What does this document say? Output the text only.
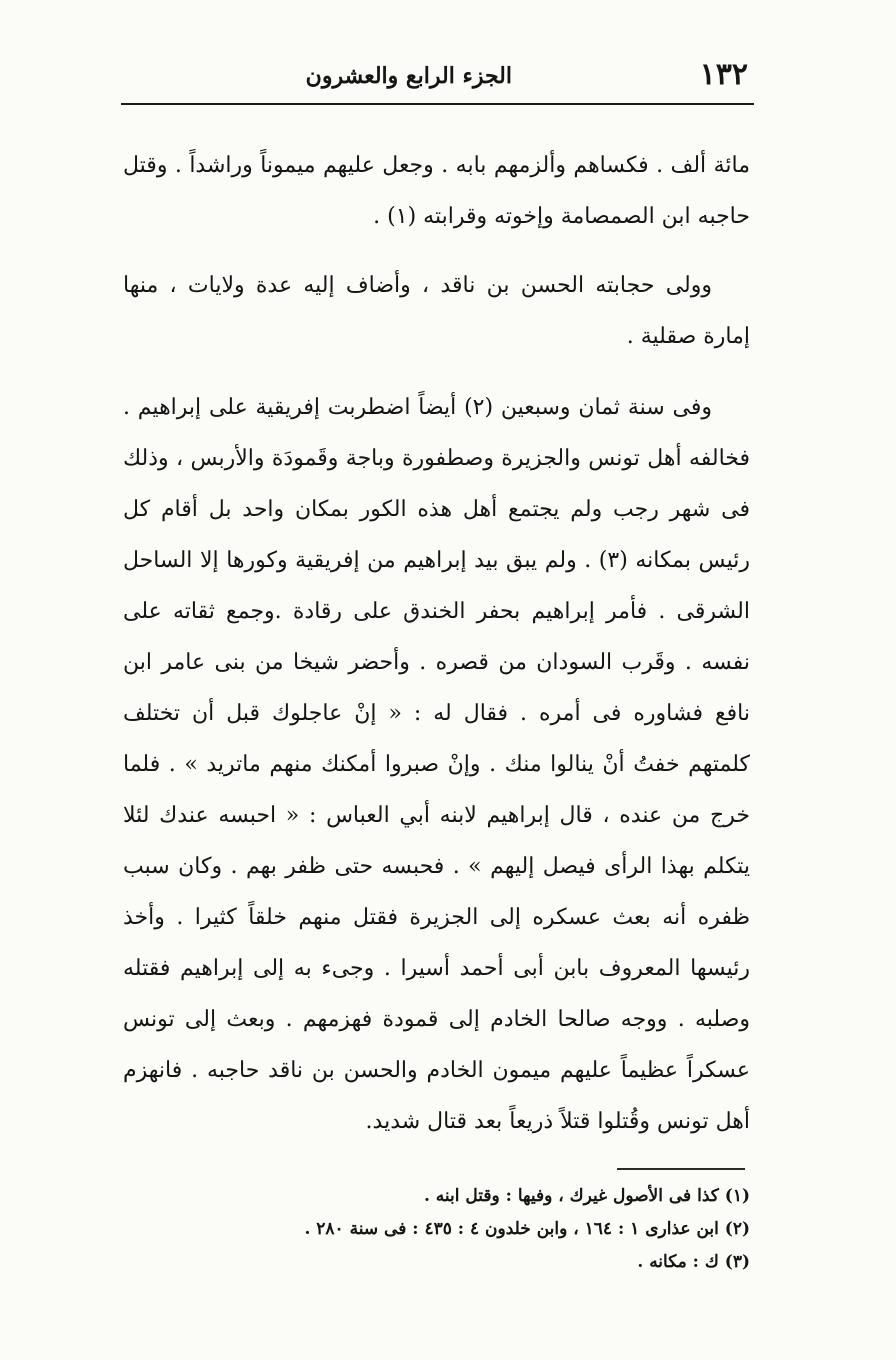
١٣٢
الجزء الرابع والعشرون

مائة ألف . فكساهم وألزمهم بابه . وجعل عليهم ميموناً وراشداً . وقتل حاجبه ابن الصمصامة وإخوته وقرابته (١) .

وولى حجابته الحسن بن ناقد ، وأضاف إليه عدة ولايات ، منها إمارة صقلية .

وفى سنة ثمان وسبعين (٢) أيضاً اضطربت إفريقية على إبراهيم . فخالفه أهل تونس والجزيرة وصطفورة وباجة وقَمودَة والأربس ، وذلك فى شهر رجب ولم يجتمع أهل هذه الكور بمكان واحد بل أقام كل رئيس بمكانه (٣) . ولم يبق بيد إبراهيم من إفريقية وكورها إلا الساحل الشرقى . فأمر إبراهيم بحفر الخندق على رقادة .وجمع ثقاته على نفسه . وقَرب السودان من قصره . وأحضر شيخا من بنى عامر ابن نافع فشاوره فى أمره . فقال له : « إنْ عاجلوك قبل أن تختلف كلمتهم خفتُ أنْ ينالوا منك . وإنْ صبروا أمكنك منهم ماتريد » . فلما خرج من عنده ، قال إبراهيم لابنه أبي العباس : « احبسه عندك لئلا يتكلم بهذا الرأى فيصل إليهم » . فحبسه حتى ظفر بهم . وكان سبب ظفره أنه بعث عسكره إلى الجزيرة فقتل منهم خلقاً كثيرا . وأخذ رئيسها المعروف بابن أبى أحمد أسيرا . وجىء به إلى إبراهيم فقتله وصلبه . ووجه صالحا الخادم إلى قمودة فهزمهم . وبعث إلى تونس عسكراً عظيماً عليهم ميمون الخادم والحسن بن ناقد حاجبه . فانهزم أهل تونس وقُتلوا قتلاً ذريعاً بعد قتال شديد.

(١) كذا فى الأصول غيرك ، وفيها : وقتل ابنه .

(٢) ابن عذارى ١ : ١٦٤ ، وابن خلدون ٤ : ٤٣٥ : فى سنة ٢٨٠ .

(٣) ك : مكانه .
